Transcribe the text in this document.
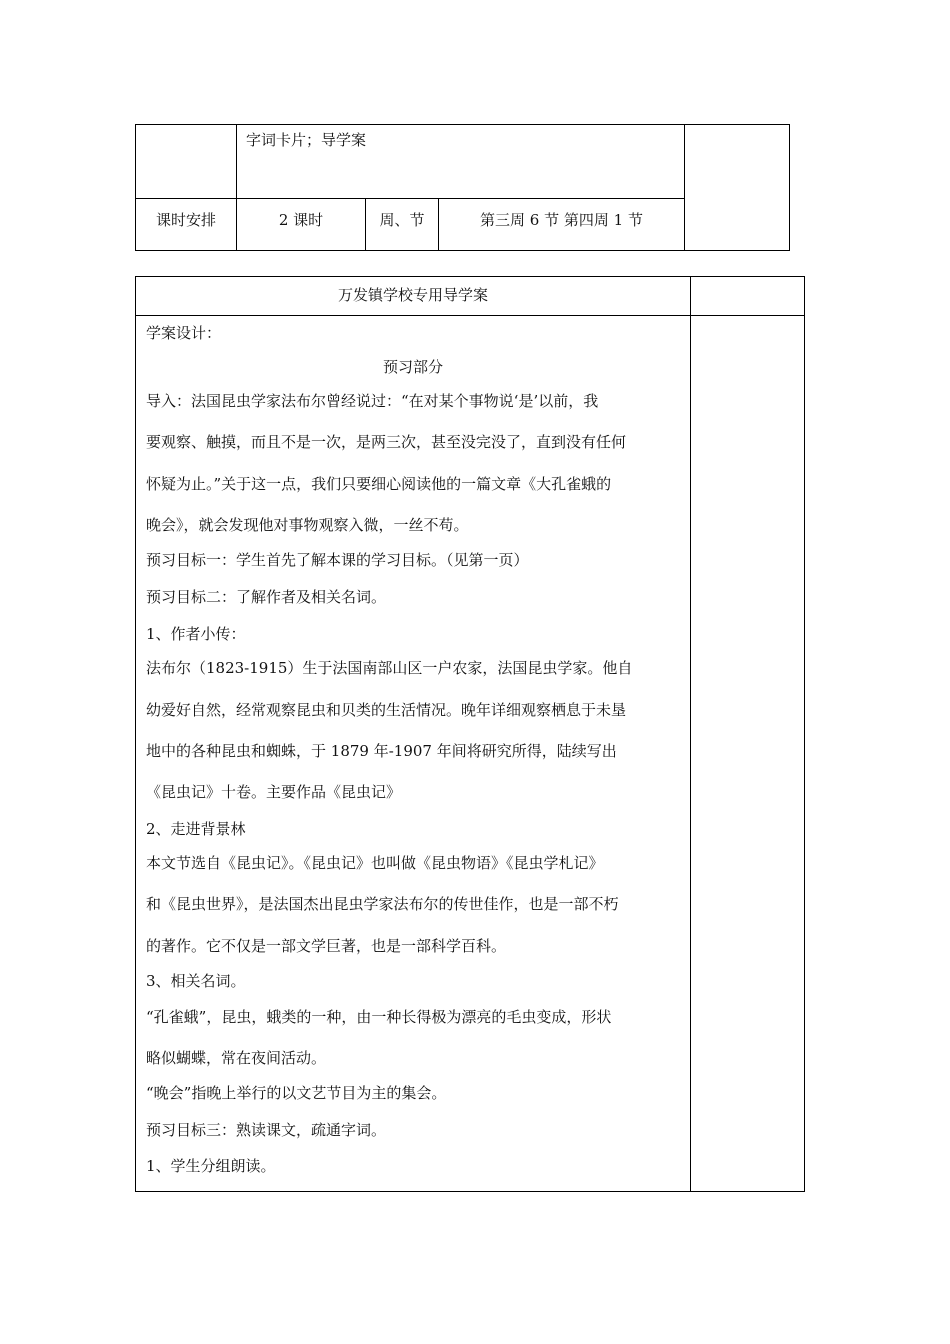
字词卡片；导学案
课时安排	2 课时	周、节	第三周 6 节 第四周 1 节
万发镇学校专用导学案
学案设计：
预习部分
导入：法国昆虫学家法布尔曾经说过：“在对某个事物说‘是’以前，我
要观察、触摸，而且不是一次，是两三次，甚至没完没了，直到没有任何
怀疑为止。”关于这一点，我们只要细心阅读他的一篇文章《大孔雀蛾的
晚会》，就会发现他对事物观察入微，一丝不苟。
预习目标一：学生首先了解本课的学习目标。（见第一页）
预习目标二：了解作者及相关名词。
1、作者小传：
法布尔（1823-1915）生于法国南部山区一户农家，法国昆虫学家。他自
幼爱好自然，经常观察昆虫和贝类的生活情况。晚年详细观察栖息于未垦
地中的各种昆虫和蜘蛛，于 1879 年-1907 年间将研究所得，陆续写出
《昆虫记》十卷。主要作品《昆虫记》
2、走进背景林
本文节选自《昆虫记》。《昆虫记》也叫做《昆虫物语》《昆虫学札记》
和《昆虫世界》，是法国杰出昆虫学家法布尔的传世佳作，也是一部不朽
的著作。它不仅是一部文学巨著，也是一部科学百科。
3、相关名词。
“孔雀蛾”，昆虫，蛾类的一种，由一种长得极为漂亮的毛虫变成，形状
略似蝴蝶，常在夜间活动。
“晚会”指晚上举行的以文艺节目为主的集会。
预习目标三：熟读课文，疏通字词。
1、学生分组朗读。
